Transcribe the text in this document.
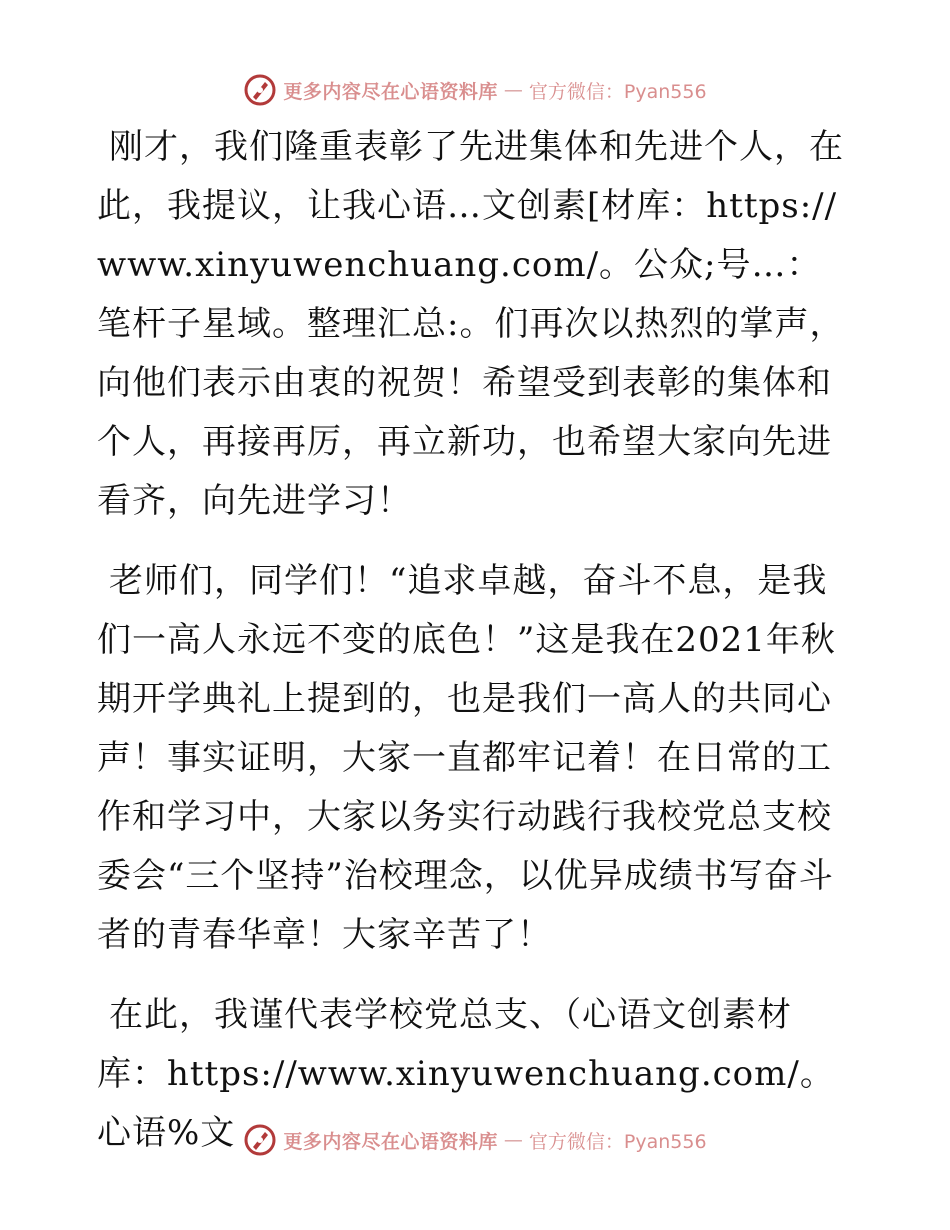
更多内容尽在心语资料库 — 官方微信：Pyan556

刚才，我们隆重表彰了先进集体和先进个人，在此，我提议，让我心语…文创素[材库：https://www.xinyuwenchuang.com/。公众;号…：笔杆子星域。整理汇总:。们再次以热烈的掌声，向他们表示由衷的祝贺！希望受到表彰的集体和个人，再接再厉，再立新功，也希望大家向先进看齐，向先进学习！

老师们，同学们！“追求卓越，奋斗不息，是我们一高人永远不变的底色！”这是我在2021年秋期开学典礼上提到的，也是我们一高人的共同心声！事实证明，大家一直都牢记着！在日常的工作和学习中，大家以务实行动践行我校党总支校委会“三个坚持”治校理念，以优异成绩书写奋斗者的青春华章！大家辛苦了！

在此，我谨代表学校党总支、（心语文创素材库：https://www.xinyuwenchuang.com/。心语%文	更多内容尽在心语资料库 — 官方微信：Pyan556
